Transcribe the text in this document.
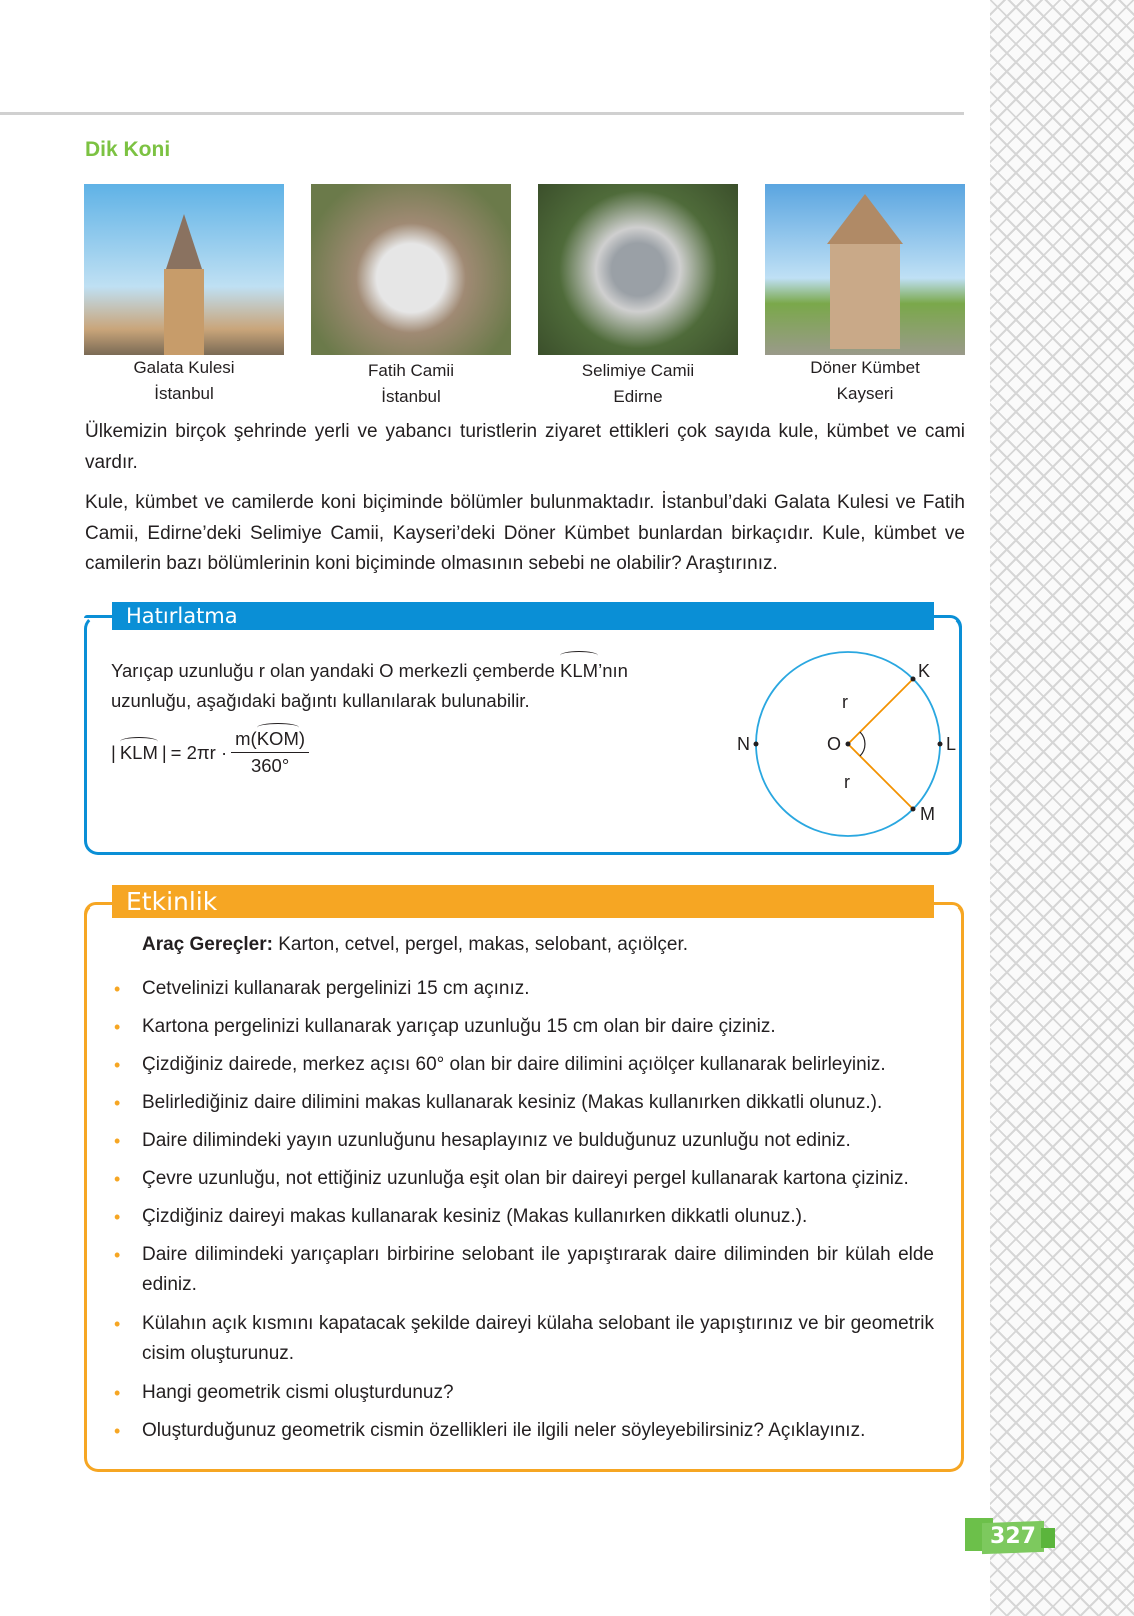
Dik Koni
Galata Kulesi
İstanbul
Fatih Camii
İstanbul
Selimiye Camii
Edirne
Döner Kümbet
Kayseri
Ülkemizin birçok şehrinde yerli ve yabancı turistlerin ziyaret ettikleri çok sayıda kule, kümbet ve cami vardır.
Kule, kümbet ve camilerde koni biçiminde bölümler bulunmaktadır. İstanbul’daki Galata Kulesi ve Fatih Camii, Edirne’deki Selimiye Camii, Kayseri’deki Döner Kümbet bunlardan birkaçıdır. Kule, kümbet ve camilerin bazı bölümlerinin koni biçiminde olmasının sebebi ne olabilir? Araştırınız.
Hatırlatma
Yarıçap uzunluğu r olan yandaki O merkezli çemberde KLM’nın
uzunluğu, aşağıdaki bağıntı kullanılarak bulunabilir.
| KLM | = 2πr ·
m(KOM)
360°
K
M
L
N	O
r
r
Etkinlik
Araç Gereçler: Karton, cetvel, pergel, makas, selobant, açıölçer.
• Cetvelinizi kullanarak pergelinizi 15 cm açınız.
• Kartona pergelinizi kullanarak yarıçap uzunluğu 15 cm olan bir daire çiziniz.
• Çizdiğiniz dairede, merkez açısı 60° olan bir daire dilimini açıölçer kullanarak belirleyiniz.
• Belirlediğiniz daire dilimini makas kullanarak kesiniz (Makas kullanırken dikkatli olunuz.).
• Daire dilimindeki yayın uzunluğunu hesaplayınız ve bulduğunuz uzunluğu not ediniz.
• Çevre uzunluğu, not ettiğiniz uzunluğa eşit olan bir daireyi pergel kullanarak kartona çiziniz.
• Çizdiğiniz daireyi makas kullanarak kesiniz (Makas kullanırken dikkatli olunuz.).
• Daire dilimindeki yarıçapları birbirine selobant ile yapıştırarak daire diliminden bir külah elde ediniz.
• Külahın açık kısmını kapatacak şekilde daireyi külaha selobant ile yapıştırınız ve bir geometrik cisim oluşturunuz.
• Hangi geometrik cismi oluşturdunuz?
• Oluşturduğunuz geometrik cismin özellikleri ile ilgili neler söyleyebilirsiniz? Açıklayınız.
327
